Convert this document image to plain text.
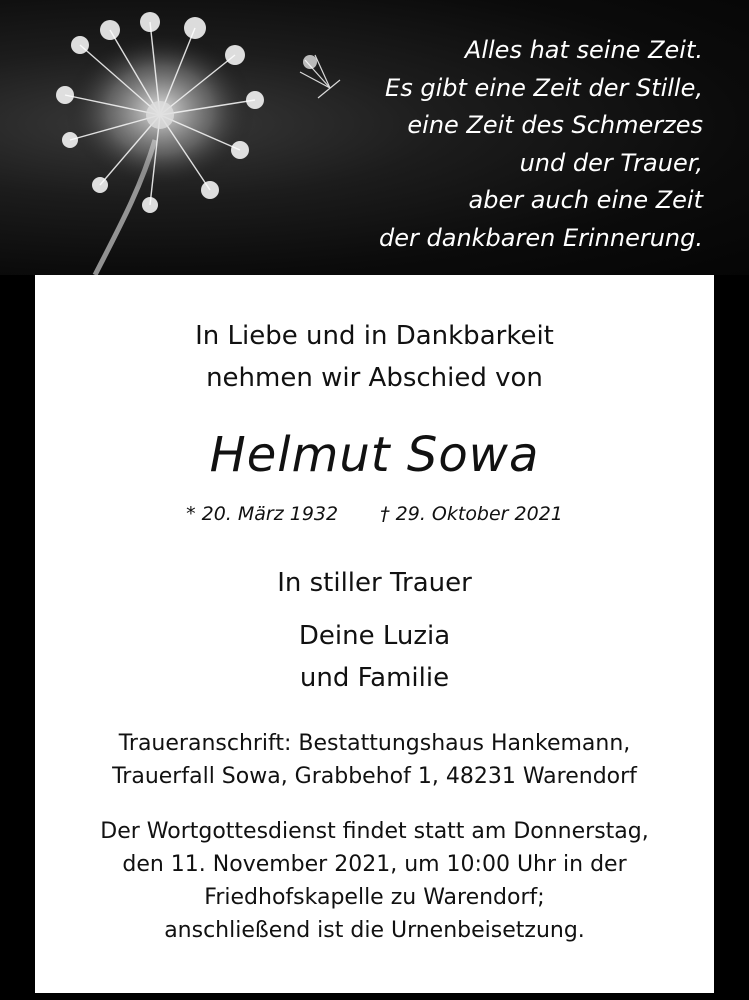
Alles hat seine Zeit.
Es gibt eine Zeit der Stille,
eine Zeit des Schmerzes
und der Trauer,
aber auch eine Zeit
der dankbaren Erinnerung.
In Liebe und in Dankbarkeit
nehmen wir Abschied von
Helmut Sowa
* 20. März 1932 † 29. Oktober 2021
In stiller Trauer
Deine Luzia
und Familie
Traueranschrift: Bestattungshaus Hankemann,
Trauerfall Sowa, Grabbehof 1, 48231 Warendorf
Der Wortgottesdienst findet statt am Donnerstag,
den 11. November 2021, um 10:00 Uhr in der
Friedhofskapelle zu Warendorf;
anschließend ist die Urnenbeisetzung.
